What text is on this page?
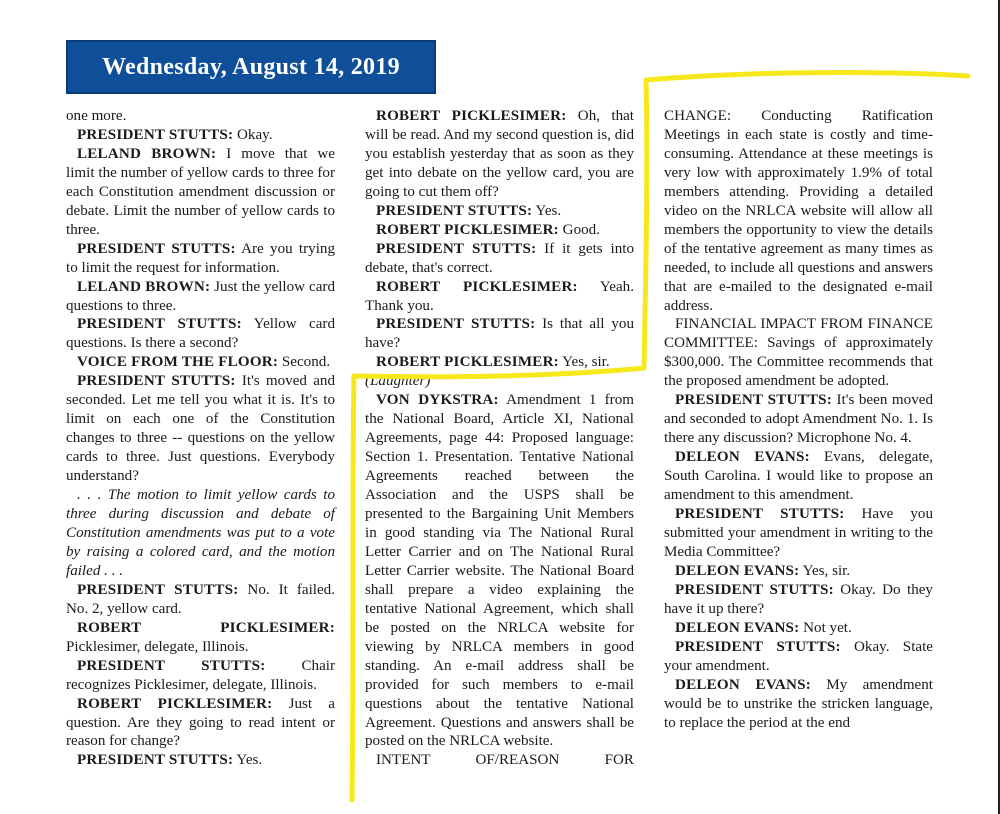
Wednesday, August 14, 2019

one more.

PRESIDENT STUTTS: Okay.

LELAND BROWN: I move that we limit the number of yellow cards to three for each Constitution amendment discussion or debate. Limit the number of yellow cards to three.

PRESIDENT STUTTS: Are you trying to limit the request for information.

LELAND BROWN: Just the yellow card questions to three.

PRESIDENT STUTTS: Yellow card questions. Is there a second?

VOICE FROM THE FLOOR: Second.

PRESIDENT STUTTS: It's moved and seconded. Let me tell you what it is. It's to limit on each one of the Constitution changes to three -- questions on the yellow cards to three. Just questions. Everybody understand?

. . . The motion to limit yellow cards to three during discussion and debate of Constitution amendments was put to a vote by raising a colored card, and the motion failed . . .

PRESIDENT STUTTS: No. It failed. No. 2, yellow card.

ROBERT PICKLESIMER: Picklesimer, delegate, Illinois.

PRESIDENT STUTTS: Chair recognizes Picklesimer, delegate, Illinois.

ROBERT PICKLESIMER: Just a question. Are they going to read intent or reason for change?

PRESIDENT STUTTS: Yes.

ROBERT PICKLESIMER: Oh, that will be read. And my second question is, did you establish yesterday that as soon as they get into debate on the yellow card, you are going to cut them off?

PRESIDENT STUTTS: Yes.

ROBERT PICKLESIMER: Good.

PRESIDENT STUTTS: If it gets into debate, that's correct.

ROBERT PICKLESIMER: Yeah. Thank you.

PRESIDENT STUTTS: Is that all you have?

ROBERT PICKLESIMER: Yes, sir.

(Laughter)

VON DYKSTRA: Amendment 1 from the National Board, Article XI, National Agreements, page 44: Proposed language: Section 1. Presentation. Tentative National Agreements reached between the Association and the USPS shall be presented to the Bargaining Unit Members in good standing via The National Rural Letter Carrier and on The National Rural Letter Carrier website. The National Board shall prepare a video explaining the tentative National Agreement, which shall be posted on the NRLCA website for viewing by NRLCA members in good standing. An e-mail address shall be provided for such members to e-mail questions about the tentative National Agreement. Questions and answers shall be posted on the NRLCA website.

INTENT OF/REASON FOR

CHANGE: Conducting Ratification Meetings in each state is costly and time-consuming. Attendance at these meetings is very low with approximately 1.9% of total members attending. Providing a detailed video on the NRLCA website will allow all members the opportunity to view the details of the tentative agreement as many times as needed, to include all questions and answers that are e-mailed to the designated e-mail address.

FINANCIAL IMPACT FROM FINANCE COMMITTEE: Savings of approximately $300,000. The Committee recommends that the proposed amendment be adopted.

PRESIDENT STUTTS: It's been moved and seconded to adopt Amendment No. 1. Is there any discussion? Microphone No. 4.

DELEON EVANS: Evans, delegate, South Carolina. I would like to propose an amendment to this amendment.

PRESIDENT STUTTS: Have you submitted your amendment in writing to the Media Committee?

DELEON EVANS: Yes, sir.

PRESIDENT STUTTS: Okay. Do they have it up there?

DELEON EVANS: Not yet.

PRESIDENT STUTTS: Okay. State your amendment.

DELEON EVANS: My amendment would be to unstrike the stricken language, to replace the period at the end
